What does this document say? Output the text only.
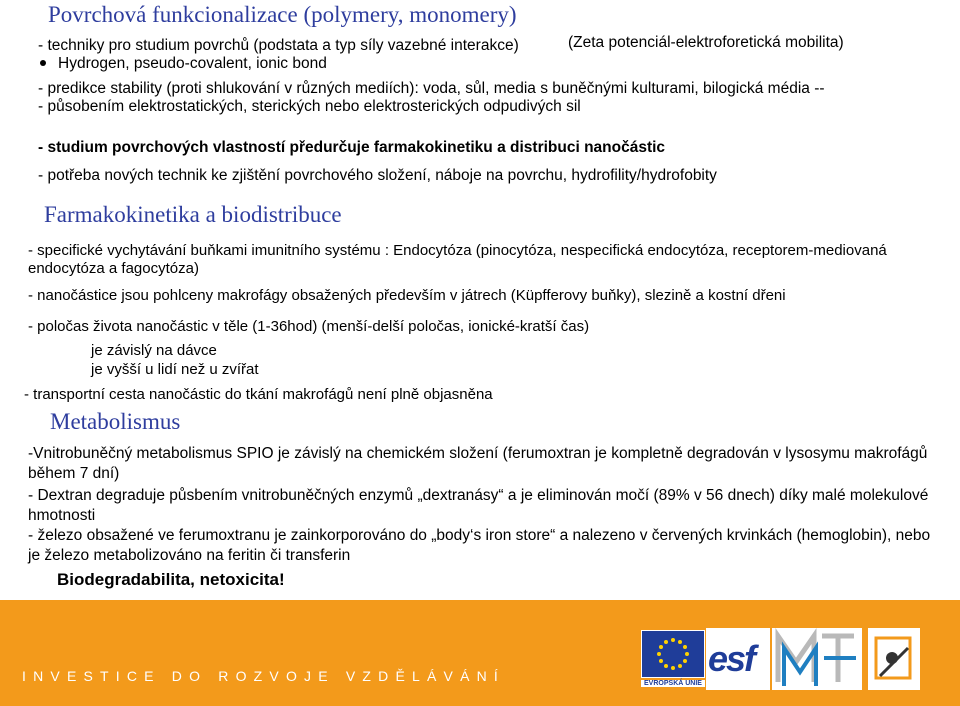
Povrchová funkcionalizace (polymery, monomery)
- techniky pro studium povrchů (podstata a typ síly vazebné interakce)	(Zeta potenciál-elektroforetická mobilita)
Hydrogen, pseudo-covalent, ionic bond
- predikce stability (proti shlukování v různých mediích): voda, sůl, media s buněčnými kulturami, bilogická média --
- působením elektrostatických, sterických nebo elektrosterických odpudivých sil
- studium povrchových vlastností předurčuje farmakokinetiku a distribuci nanočástic
- potřeba nových technik ke zjištění povrchového složení, náboje na povrchu, hydrofility/hydrofobity
Farmakokinetika a biodistribuce
- specifické vychytávání buňkami imunitního systému : Endocytóza (pinocytóza, nespecifická endocytóza, receptorem-mediovaná endocytóza a fagocytóza)
- nanočástice jsou pohlceny makrofágy obsažených především v játrech (Küpfferovy buňky), slezině a kostní dřeni
- poločas života nanočástic v těle (1-36hod) (menší-delší poločas, ionické-kratší čas)
je závislý na dávce
je vyšší u lidí než u zvířat
- transportní cesta nanočástic do tkání makrofágů není plně objasněna
Metabolismus
-Vnitrobuněčný metabolismus SPIO je závislý na chemickém složení (ferumoxtran je kompletně degradován v lysosymu makrofágů během 7 dní)
- Dextran degraduje půsbením vnitrobuněčných enzymů „dextranásy“ a je eliminován močí (89% v 56 dnech) díky malé molekulové hmotnosti
- železo obsažené ve ferumoxtranu je zainkorporováno do „body‘s iron store“ a nalezeno v červených krvinkách (hemoglobin), nebo je železo metabolizováno na feritin či transferin
Biodegradabilita, netoxicita!
INVESTICE DO ROZVOJE VZDĚLÁVÁNÍ	EVROPSKÁ UNIE
esf
